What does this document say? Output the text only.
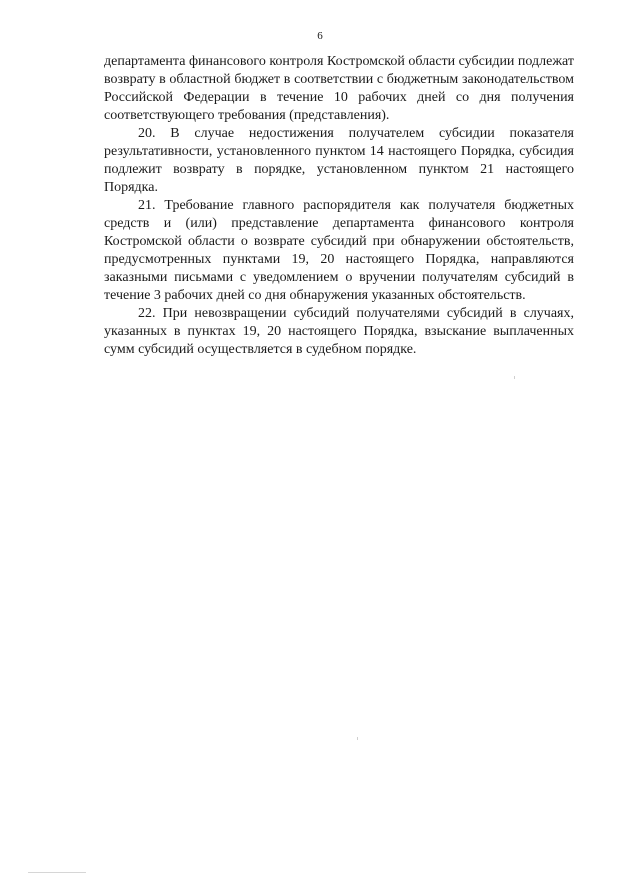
6

департамента финансового контроля Костромской области субсидии подлежат возврату в областной бюджет в соответствии с бюджетным законодательством Российской Федерации в течение 10 рабочих дней со дня получения соответствующего требования (представления).

20. В случае недостижения получателем субсидии показателя результативности, установленного пунктом 14 настоящего Порядка, субсидия подлежит возврату в порядке, установленном пунктом 21 настоящего Порядка.

21. Требование главного распорядителя как получателя бюджетных средств и (или) представление департамента финансового контроля Костромской области о возврате субсидий при обнаружении обстоятельств, предусмотренных пунктами 19, 20 настоящего Порядка, направляются заказными письмами с уведомлением о вручении получателям субсидий в течение 3 рабочих дней со дня обнаружения указанных обстоятельств.

22. При невозвращении субсидий получателями субсидий в случаях, указанных в пунктах 19, 20 настоящего Порядка, взыскание выплаченных сумм субсидий осуществляется в судебном порядке.
